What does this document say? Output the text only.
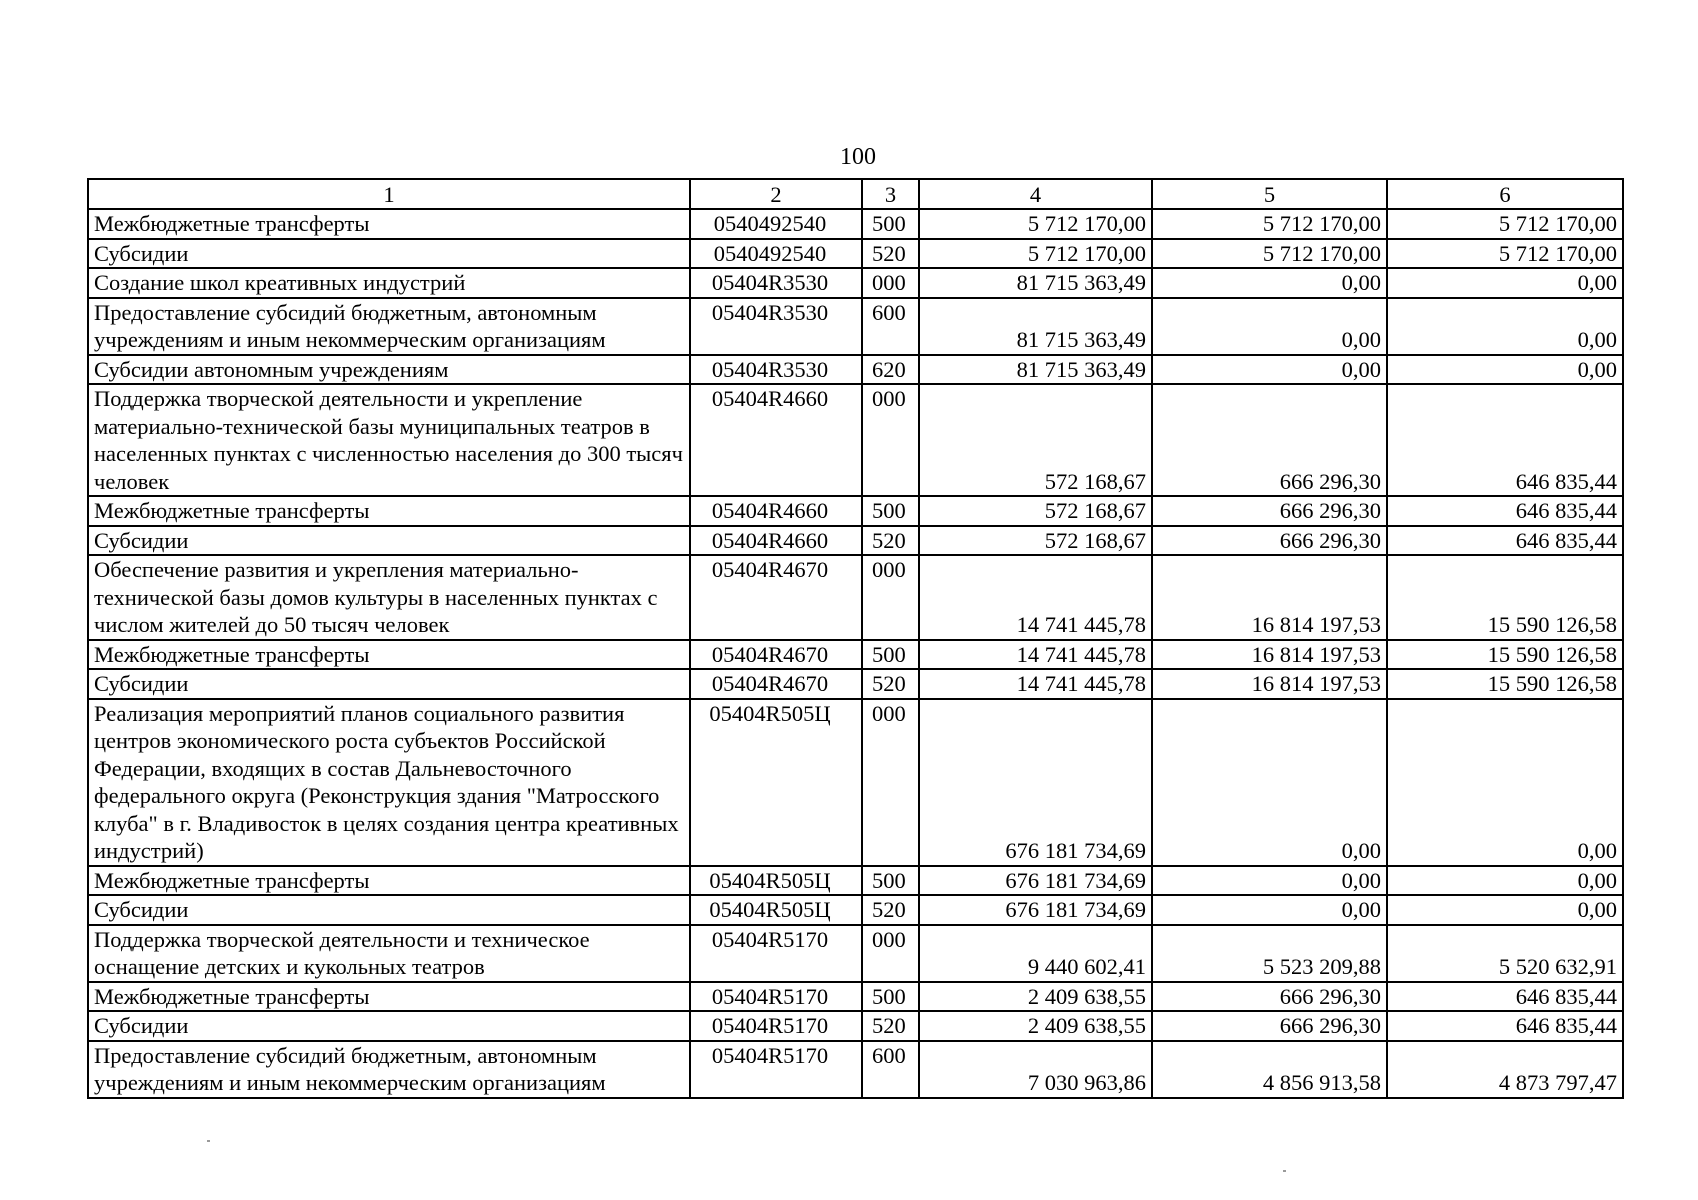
100
1	2	3	4	5	6
Межбюджетные трансферты	0540492540	500	5 712 170,00	5 712 170,00	5 712 170,00
Субсидии	0540492540	520	5 712 170,00	5 712 170,00	5 712 170,00
Создание школ креативных индустрий	05404R3530	000	81 715 363,49	0,00	0,00
Предоставление субсидий бюджетным, автономным учреждениям и иным некоммерческим организациям	05404R3530	600	81 715 363,49	0,00	0,00
Субсидии автономным учреждениям	05404R3530	620	81 715 363,49	0,00	0,00
Поддержка творческой деятельности и укрепление материально-технической базы муниципальных театров в населенных пунктах с численностью населения до 300 тысяч человек	05404R4660	000	572 168,67	666 296,30	646 835,44
Межбюджетные трансферты	05404R4660	500	572 168,67	666 296,30	646 835,44
Субсидии	05404R4660	520	572 168,67	666 296,30	646 835,44
Обеспечение развития и укрепления материально-технической базы домов культуры в населенных пунктах с числом жителей до 50 тысяч человек	05404R4670	000	14 741 445,78	16 814 197,53	15 590 126,58
Межбюджетные трансферты	05404R4670	500	14 741 445,78	16 814 197,53	15 590 126,58
Субсидии	05404R4670	520	14 741 445,78	16 814 197,53	15 590 126,58
Реализация мероприятий планов социального развития центров экономического роста субъектов Российской Федерации, входящих в состав Дальневосточного федерального округа (Реконструкция здания "Матросского клуба" в г. Владивосток в целях создания центра креативных индустрий)	05404R505Ц	000	676 181 734,69	0,00	0,00
Межбюджетные трансферты	05404R505Ц	500	676 181 734,69	0,00	0,00
Субсидии	05404R505Ц	520	676 181 734,69	0,00	0,00
Поддержка творческой деятельности и техническое оснащение детских и кукольных театров	05404R5170	000	9 440 602,41	5 523 209,88	5 520 632,91
Межбюджетные трансферты	05404R5170	500	2 409 638,55	666 296,30	646 835,44
Субсидии	05404R5170	520	2 409 638,55	666 296,30	646 835,44
Предоставление субсидий бюджетным, автономным учреждениям и иным некоммерческим организациям	05404R5170	600	7 030 963,86	4 856 913,58	4 873 797,47
